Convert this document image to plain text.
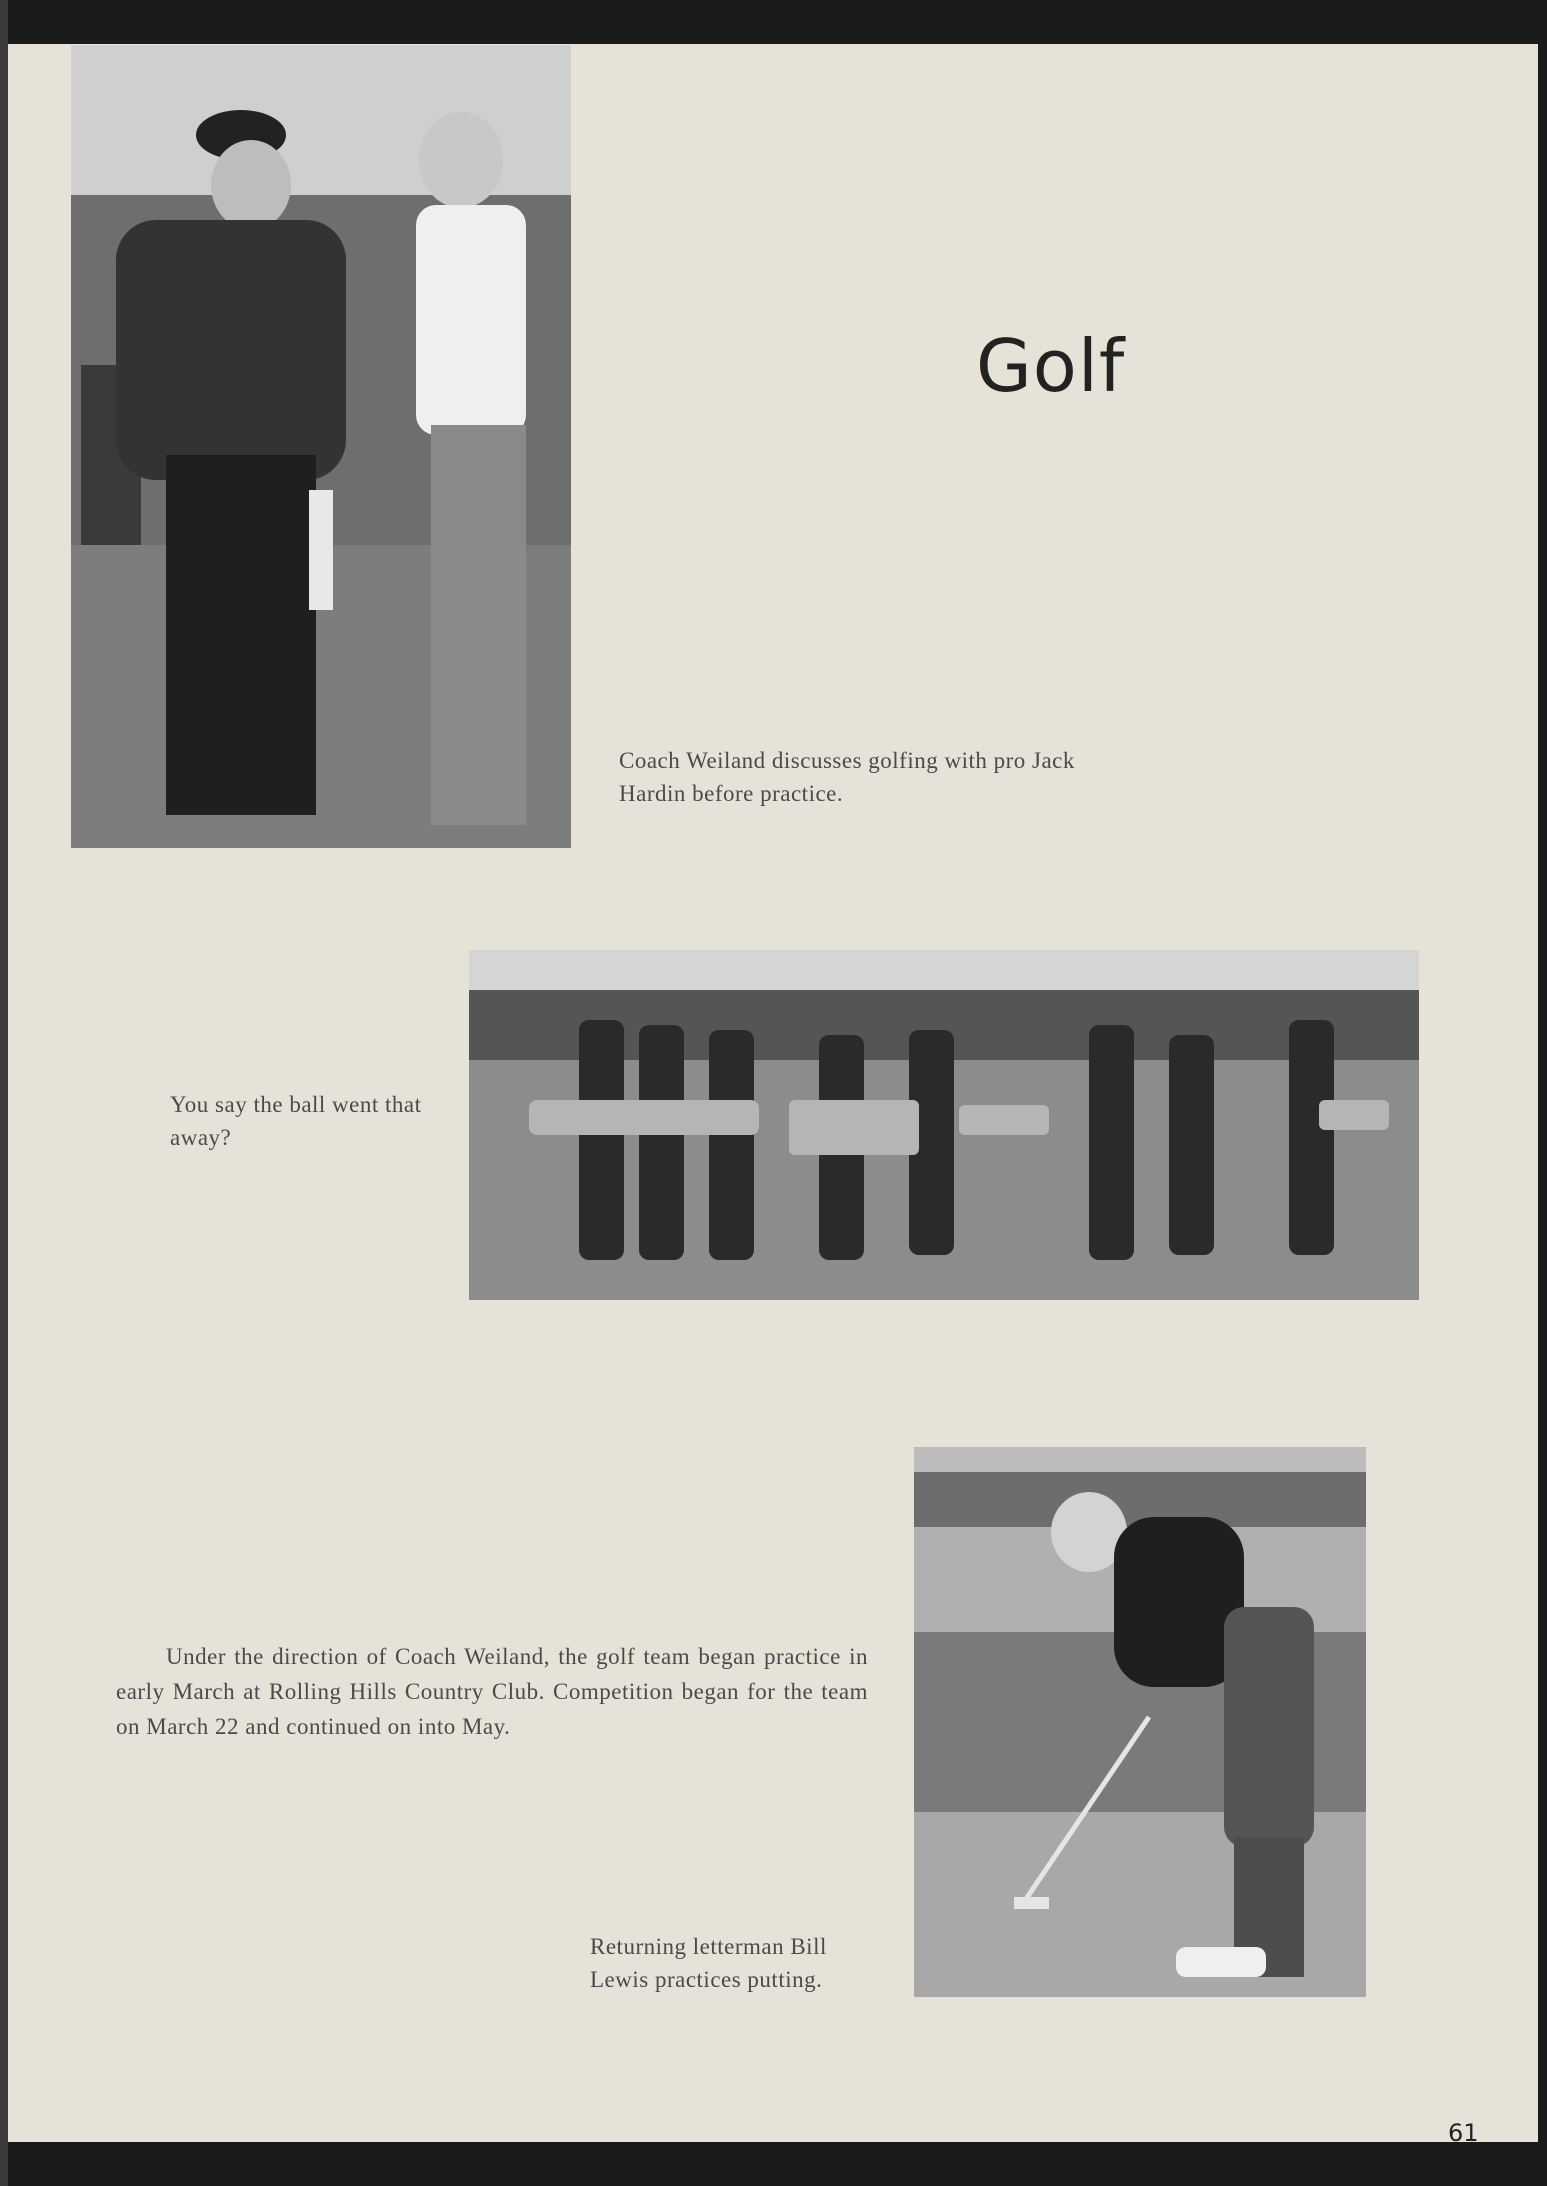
Golf
Coach Weiland discusses golfing with pro Jack Hardin before practice.
You say the ball went that away?
Under the direction of Coach Weiland, the golf team began practice in early March at Rolling Hills Country Club. Competition began for the team on March 22 and continued on into May.
Returning letterman Bill Lewis practices putting.
61
